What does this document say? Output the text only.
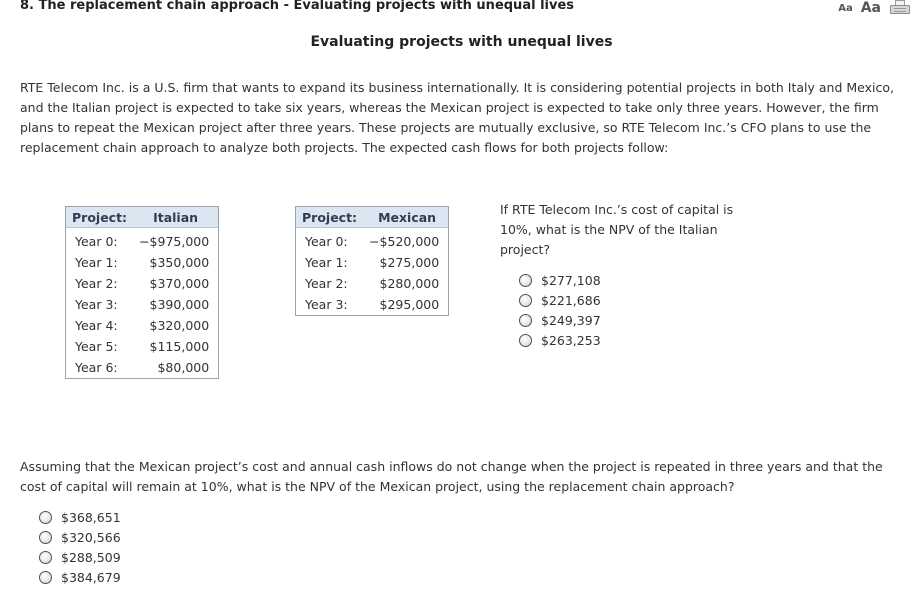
8. The replacement chain approach - Evaluating projects with unequal lives	Aa Aa
Evaluating projects with unequal lives

RTE Telecom Inc. is a U.S. firm that wants to expand its business internationally. It is considering potential projects in both Italy and Mexico, and the Italian project is expected to take six years, whereas the Mexican project is expected to take only three years. However, the firm plans to repeat the Mexican project after three years. These projects are mutually exclusive, so RTE Telecom Inc.’s CFO plans to use the replacement chain approach to analyze both projects. The expected cash flows for both projects follow:

Project:	Italian
Year 0:	−$975,000
Year 1:	$350,000
Year 2:	$370,000
Year 3:	$390,000
Year 4:	$320,000
Year 5:	$115,000
Year 6:	$80,000
Project:	Mexican
Year 0:	−$520,000
Year 1:	$275,000
Year 2:	$280,000
Year 3:	$295,000

If RTE Telecom Inc.’s cost of capital is 10%, what is the NPV of the Italian project?

$277,108
$221,686
$249,397
$263,253

Assuming that the Mexican project’s cost and annual cash inflows do not change when the project is repeated in three years and that the cost of capital will remain at 10%, what is the NPV of the Mexican project, using the replacement chain approach?

$368,651
$320,566
$288,509
$384,679
